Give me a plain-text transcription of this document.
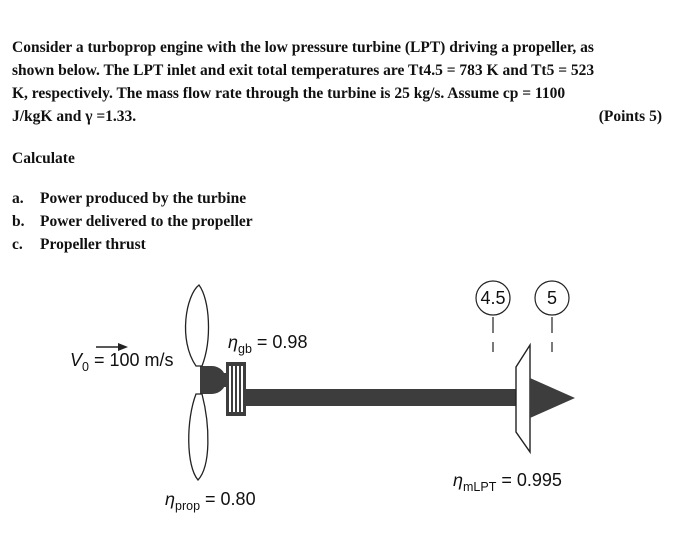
Consider a turboprop engine with the low pressure turbine (LPT) driving a propeller, as
shown below. The LPT inlet and exit total temperatures are Tt4.5 = 783 K and Tt5 = 523
K, respectively. The mass flow rate through the turbine is 25 kg/s. Assume cp = 1100
J/kgK and γ =1.33.	(Points 5)
Calculate
a.	Power produced by the turbine
b.	Power delivered to the propeller
c.	Propeller thrust
4.5 5
$V_0 = 100$ m/s
$\eta_{gb} = 0.98$
$\eta_{prop} = 0.80$
$\eta_{mLPT} = 0.995$
